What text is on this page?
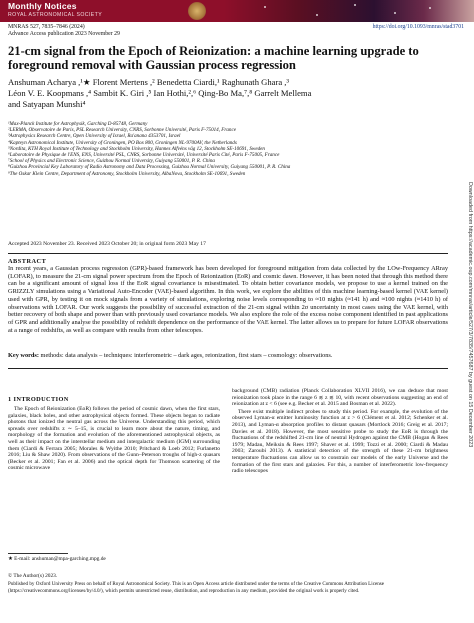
Monthly Notices
ROYAL ASTRONOMICAL SOCIETY
MNRAS 527, 7835–7846 (2024)
Advance Access publication 2023 November 29
https://doi.org/10.1093/mnras/stad3701
21-cm signal from the Epoch of Reionization: a machine learning upgrade to foreground removal with Gaussian process regression
Anshuman Acharya ,¹★ Florent Mertens ,² Benedetta Ciardi,¹ Raghunath Ghara ,³
Léon V. E. Koopmans ,⁴ Sambit K. Giri ,⁵ Ian Hothi,²,⁶ Qing-Bo Ma,⁷,⁸ Garrelt Mellema
and Satyapan Munshi⁴
¹Max-Planck Institute for Astrophysik, Garching D-85748, Germany
²LERMA, Observatoire de Paris, PSL Research University, CNRS, Sorbonne Université, Paris F-75014, France
³Astrophysics Research Centre, Open University of Israel, Ra'anana 4353701, Israel
⁴Kapteyn Astronomical Institute, University of Groningen, PO Box 800, Groningen NL-9700AV, the Netherlands
⁵Nordita, KTH Royal Institute of Technology and Stockholm University, Hannes Alfvéns väg 12, Stockholm SE-10691, Sweden
⁶Laboratoire de Physique de l'ENS, ENS, Université PSL, CNRS, Sorbonne Université, Université Paris Cité, Paris F-75005, France
⁷School of Physics and Electronic Science, Guizhou Normal University, Guiyang 550001, P. R. China
⁸Guizhou Provincial Key Laboratory of Radio Astronomy and Data Processing, Guizhou Normal University, Guiyang 550001, P. R. China
⁹The Oskar Klein Centre, Department of Astronomy, Stockholm University, AlbaNova, Stockholm SE-10691, Sweden
Accepted 2023 November 23. Received 2023 October 20; in original form 2023 May 17
ABSTRACT

In recent years, a Gaussian process regression (GPR)-based framework has been developed for foreground mitigation from data collected by the LOw-Frequency ARray (LOFAR), to measure the 21-cm signal power spectrum from the Epoch of Reionization (EoR) and cosmic dawn. However, it has been noted that through this method there can be a significant amount of signal loss if the EoR signal covariance is misestimated. To obtain better covariance models, we propose to use a kernel trained on the GRIZZLY simulations using a Variational Auto-Encoder (VAE)-based algorithm. In this work, we explore the abilities of this machine learning-based kernel (VAE kernel) used with GPR, by testing it on mock signals from a variety of simulations, exploring noise levels corresponding to ≈10 nights (≈141 h) and ≈100 nights (≈1410 h) of observations with LOFAR. Our work suggests the possibility of successful extraction of the 21-cm signal within 2σ uncertainty in most cases using the VAE kernel, with better recovery of both shape and power than with previously used covariance models. We also explore the role of the excess noise component identified in past applications of GPR and additionally analyse the possibility of redshift dependence on the performance of the VAE kernel. The latter allows us to prepare for future LOFAR observations at a range of redshifts, as well as compare with results from other telescopes.

Key words: methods: data analysis – techniques: interferometric – dark ages, reionization, first stars – cosmology: observations.
1 INTRODUCTION

The Epoch of Reionization (EoR) follows the period of cosmic dawn, when the first stars, galaxies, black holes, and other astrophysical objects formed. These objects began to radiate photons that ionized the neutral gas across the Universe. Understanding this period, which spreads over redshifts z ∼ 5–15, is crucial to learn more about the nature, timing, and morphology of the formation and evolution of the aforementioned astrophysical objects, as well as their impact on the interstellar medium and intergalactic medium (IGM) surrounding them (Ciardi & Ferrara 2005; Morales & Wyithe 2010; Pritchard & Loeb 2012; Furlanetto 2016; Liu & Shaw 2020). From observations of the Gunn–Peterson troughs of high-z quasars (Becker et al. 2001; Fan et al. 2006) and the optical depth for Thomson scattering of the cosmic microwave

background (CMB) radiation (Planck Collaboration XLVII 2016), we can deduce that most reionization took place in the range 6 ≲ z ≲ 10, with recent observations suggesting an end of reionization at z < 6 (see e.g. Becker et al. 2015 and Bosman et al. 2022).

There exist multiple indirect probes to study this period. For example, the evolution of the observed Lyman-α emitter luminosity function at z > 6 (Clément et al. 2012; Schenker et al. 2013), and Lyman-α absorption profiles to distant quasars (Mortlock 2016; Greig et al. 2017; Davies et al. 2018). However, the most sensitive probe to study the EoR is through the fluctuations of the redshifted 21-cm line of neutral Hydrogen against the CMB (Hogan & Rees 1979; Madau, Meiksin & Rees 1997; Shaver et al. 1999; Tozzi et al. 2000; Ciardi & Madau 2003; Zaroubi 2013). A statistical detection of the strength of these 21-cm brightness temperature fluctuations can allow us to constrain our models of the early Universe and the formation of the first stars and galaxies. For this, a number of interferometric low-frequency radio telescopes

★ E-mail: anshuman@mpa-garching.mpg.de
© The Author(s) 2023.
Published by Oxford University Press on behalf of Royal Astronomical Society. This is an Open Access article distributed under the terms of the Creative Commons Attribution License (https://creativecommons.org/licenses/by/4.0/), which permits unrestricted reuse, distribution, and reproduction in any medium, provided the original work is properly cited.
Downloaded from https://academic.oup.com/mnras/article/527/3/7835/7457687 by guest on 15 December 2023
